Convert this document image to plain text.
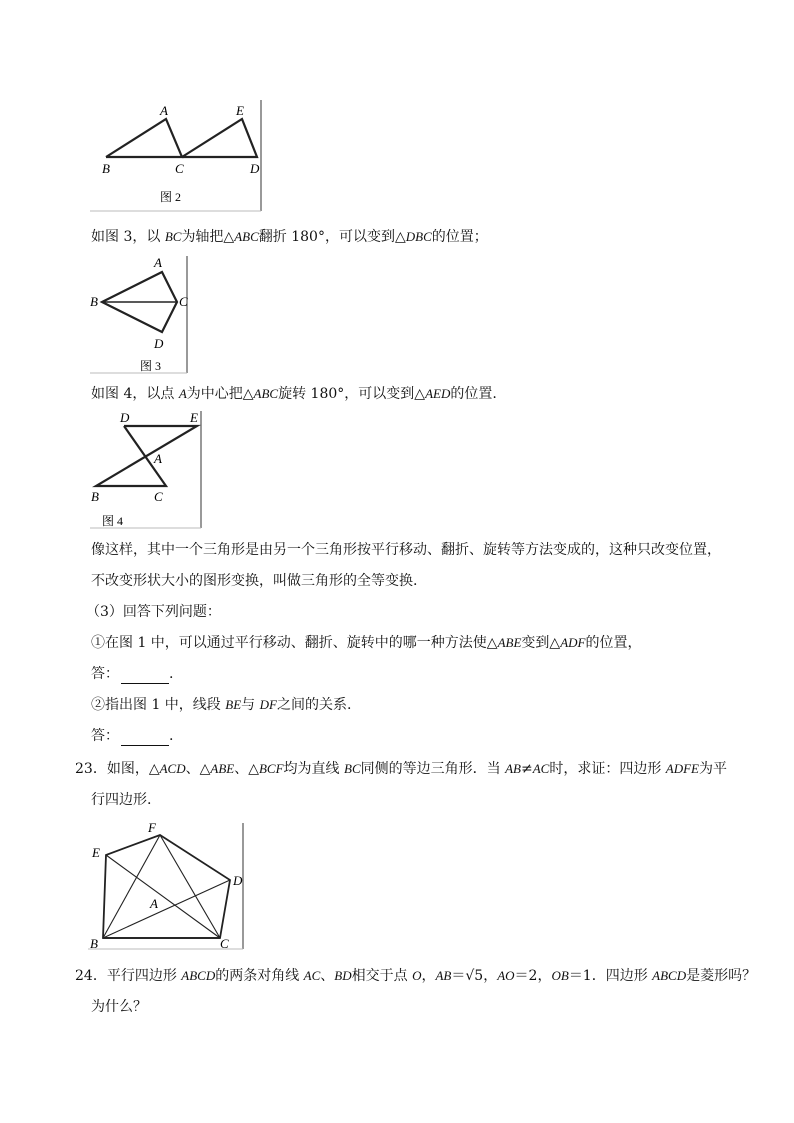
A	E
B	C	D
图 2
如图 3，以 BC为轴把△ABC翻折 180°，可以变到△DBC的位置；
A
B	C
D
图 3
如图 4，以点 A为中心把△ABC旋转 180°，可以变到△AED的位置.
D	E
A
B	C
图 4
像这样，其中一个三角形是由另一个三角形按平行移动、翻折、旋转等方法变成的，这种只改变位置，
不改变形状大小的图形变换，叫做三角形的全等变换.
（3）回答下列问题：
①在图 1 中，可以通过平行移动、翻折、旋转中的哪一种方法使△ABE变到△ADF的位置，
答：	.
②指出图 1 中，线段 BE与 DF之间的关系.
答：	.
23．如图，△ACD、△ABE、△BCF均为直线 BC同侧的等边三角形．当 AB≠AC时，求证：四边形 ADFE为平
行四边形.
F
E
D
A
B	C
24．平行四边形 ABCD的两条对角线 AC、BD相交于点 O，AB＝√5，AO＝2，OB＝1．四边形 ABCD是菱形吗？
为什么？
